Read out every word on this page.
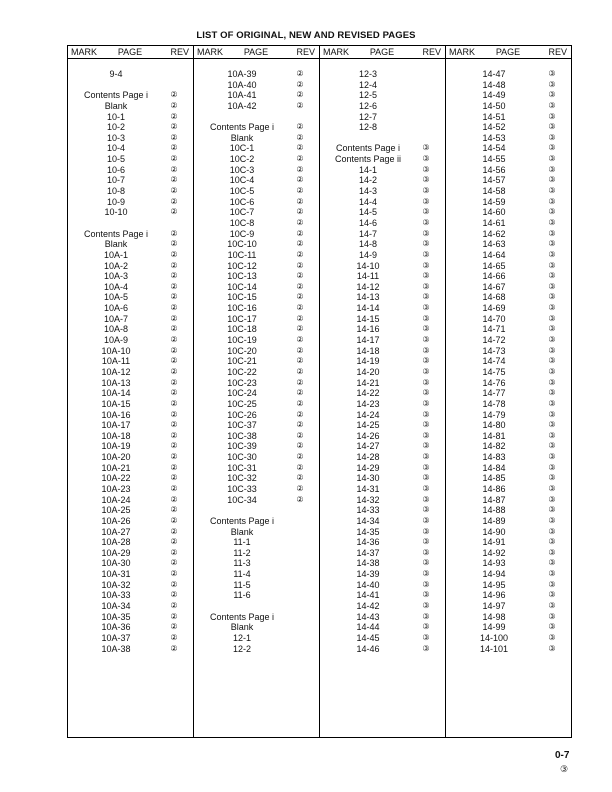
LIST OF ORIGINAL, NEW AND REVISED PAGES
MARK	PAGE	REV
9-4
Contents Page i	②
Blank	②
10-1	②
10-2	②
10-3	②
10-4	②
10-5	②
10-6	②
10-7	②
10-8	②
10-9	②
10-10	②
Contents Page i	②
Blank	②
10A-1	②
10A-2	②
10A-3	②
10A-4	②
10A-5	②
10A-6	②
10A-7	②
10A-8	②
10A-9	②
10A-10	②
10A-11	②
10A-12	②
10A-13	②
10A-14	②
10A-15	②
10A-16	②
10A-17	②
10A-18	②
10A-19	②
10A-20	②
10A-21	②
10A-22	②
10A-23	②
10A-24	②
10A-25	②
10A-26	②
10A-27	②
10A-28	②
10A-29	②
10A-30	②
10A-31	②
10A-32	②
10A-33	②
10A-34	②
10A-35	②
10A-36	②
10A-37	②
10A-38	②
MARK	PAGE	REV
10A-39	②
10A-40	②
10A-41	②
10A-42	②
Contents Page i	②
Blank	②
10C-1	②
10C-2	②
10C-3	②
10C-4	②
10C-5	②
10C-6	②
10C-7	②
10C-8	②
10C-9	②
10C-10	②
10C-11	②
10C-12	②
10C-13	②
10C-14	②
10C-15	②
10C-16	②
10C-17	②
10C-18	②
10C-19	②
10C-20	②
10C-21	②
10C-22	②
10C-23	②
10C-24	②
10C-25	②
10C-26	②
10C-37	②
10C-38	②
10C-39	②
10C-30	②
10C-31	②
10C-32	②
10C-33	②
10C-34	②
Contents Page i
Blank
11-1
11-2
11-3
11-4
11-5
11-6
Contents Page i
Blank
12-1
12-2
MARK	PAGE	REV
12-3
12-4
12-5
12-6
12-7
12-8
Contents Page i	③
Contents Page ii	③
14-1	③
14-2	③
14-3	③
14-4	③
14-5	③
14-6	③
14-7	③
14-8	③
14-9	③
14-10	③
14-11	③
14-12	③
14-13	③
14-14	③
14-15	③
14-16	③
14-17	③
14-18	③
14-19	③
14-20	③
14-21	③
14-22	③
14-23	③
14-24	③
14-25	③
14-26	③
14-27	③
14-28	③
14-29	③
14-30	③
14-31	③
14-32	③
14-33	③
14-34	③
14-35	③
14-36	③
14-37	③
14-38	③
14-39	③
14-40	③
14-41	③
14-42	③
14-43	③
14-44	③
14-45	③
14-46	③
MARK	PAGE	REV
14-47	③
14-48	③
14-49	③
14-50	③
14-51	③
14-52	③
14-53	③
14-54	③
14-55	③
14-56	③
14-57	③
14-58	③
14-59	③
14-60	③
14-61	③
14-62	③
14-63	③
14-64	③
14-65	③
14-66	③
14-67	③
14-68	③
14-69	③
14-70	③
14-71	③
14-72	③
14-73	③
14-74	③
14-75	③
14-76	③
14-77	③
14-78	③
14-79	③
14-80	③
14-81	③
14-82	③
14-83	③
14-84	③
14-85	③
14-86	③
14-87	③
14-88	③
14-89	③
14-90	③
14-91	③
14-92	③
14-93	③
14-94	③
14-95	③
14-96	③
14-97	③
14-98	③
14-99	③
14-100	③
14-101	③
0-7
③
